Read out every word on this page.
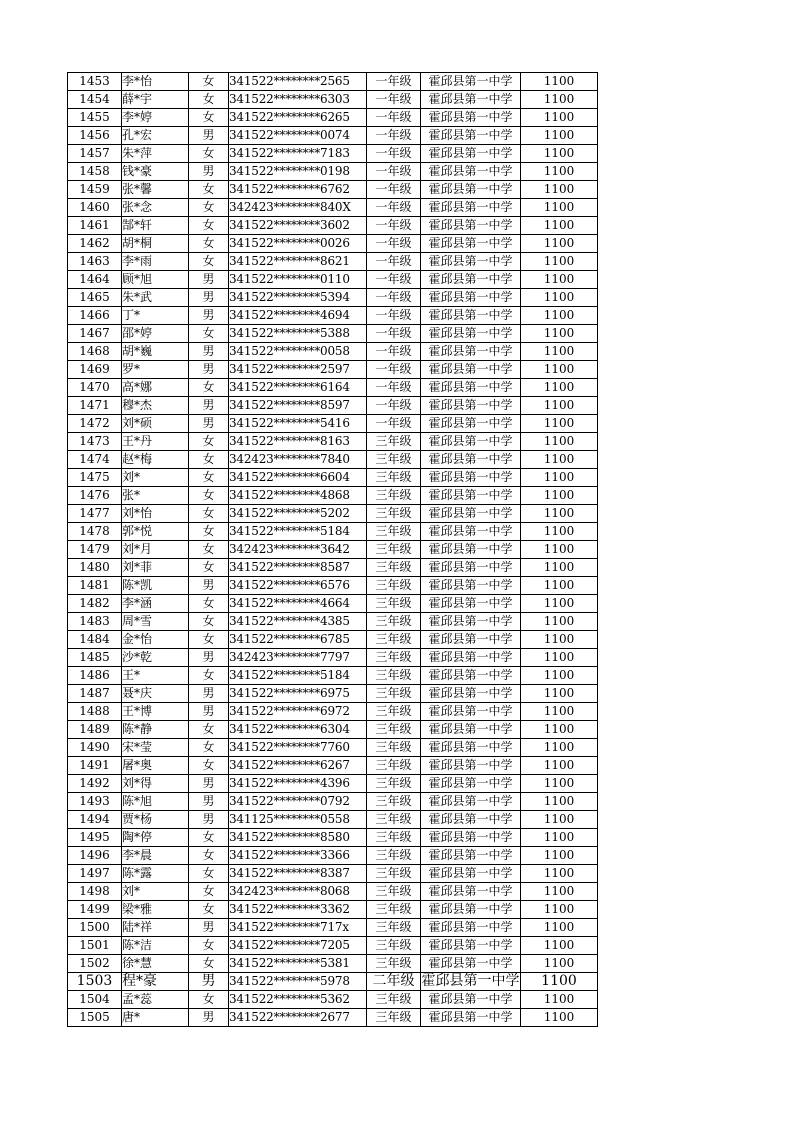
1453	李*怡	女	341522********2565	一年级	霍邱县第一中学	1100
1454	薛*宇	女	341522********6303	一年级	霍邱县第一中学	1100
1455	李*婷	女	341522********6265	一年级	霍邱县第一中学	1100
1456	孔*宏	男	341522********0074	一年级	霍邱县第一中学	1100
1457	朱*萍	女	341522********7183	一年级	霍邱县第一中学	1100
1458	钱*豪	男	341522********0198	一年级	霍邱县第一中学	1100
1459	张*馨	女	341522********6762	一年级	霍邱县第一中学	1100
1460	张*念	女	342423********840X	一年级	霍邱县第一中学	1100
1461	郜*轩	女	341522********3602	一年级	霍邱县第一中学	1100
1462	胡*桐	女	341522********0026	一年级	霍邱县第一中学	1100
1463	李*雨	女	341522********8621	一年级	霍邱县第一中学	1100
1464	顾*旭	男	341522********0110	一年级	霍邱县第一中学	1100
1465	朱*武	男	341522********5394	一年级	霍邱县第一中学	1100
1466	丁*	男	341522********4694	一年级	霍邱县第一中学	1100
1467	邵*婷	女	341522********5388	一年级	霍邱县第一中学	1100
1468	胡*巍	男	341522********0058	一年级	霍邱县第一中学	1100
1469	罗*	男	341522********2597	一年级	霍邱县第一中学	1100
1470	高*娜	女	341522********6164	一年级	霍邱县第一中学	1100
1471	穆*杰	男	341522********8597	一年级	霍邱县第一中学	1100
1472	刘*硕	男	341522********5416	一年级	霍邱县第一中学	1100
1473	王*丹	女	341522********8163	三年级	霍邱县第一中学	1100
1474	赵*梅	女	342423********7840	三年级	霍邱县第一中学	1100
1475	刘*	女	341522********6604	三年级	霍邱县第一中学	1100
1476	张*	女	341522********4868	三年级	霍邱县第一中学	1100
1477	刘*怡	女	341522********5202	三年级	霍邱县第一中学	1100
1478	郭*悦	女	341522********5184	三年级	霍邱县第一中学	1100
1479	刘*月	女	342423********3642	三年级	霍邱县第一中学	1100
1480	刘*菲	女	341522********8587	三年级	霍邱县第一中学	1100
1481	陈*凯	男	341522********6576	三年级	霍邱县第一中学	1100
1482	李*涵	女	341522********4664	三年级	霍邱县第一中学	1100
1483	周*雪	女	341522********4385	三年级	霍邱县第一中学	1100
1484	金*怡	女	341522********6785	三年级	霍邱县第一中学	1100
1485	沙*乾	男	342423********7797	三年级	霍邱县第一中学	1100
1486	王*	女	341522********5184	三年级	霍邱县第一中学	1100
1487	聂*庆	男	341522********6975	三年级	霍邱县第一中学	1100
1488	王*博	男	341522********6972	三年级	霍邱县第一中学	1100
1489	陈*静	女	341522********6304	三年级	霍邱县第一中学	1100
1490	宋*莹	女	341522********7760	三年级	霍邱县第一中学	1100
1491	屠*奥	女	341522********6267	三年级	霍邱县第一中学	1100
1492	刘*得	男	341522********4396	三年级	霍邱县第一中学	1100
1493	陈*旭	男	341522********0792	三年级	霍邱县第一中学	1100
1494	贾*杨	男	341125********0558	三年级	霍邱县第一中学	1100
1495	陶*停	女	341522********8580	三年级	霍邱县第一中学	1100
1496	李*晨	女	341522********3366	三年级	霍邱县第一中学	1100
1497	陈*露	女	341522********8387	三年级	霍邱县第一中学	1100
1498	刘*	女	342423********8068	三年级	霍邱县第一中学	1100
1499	梁*雅	女	341522********3362	三年级	霍邱县第一中学	1100
1500	陆*祥	男	341522********717x	三年级	霍邱县第一中学	1100
1501	陈*洁	女	341522********7205	三年级	霍邱县第一中学	1100
1502	徐*慧	女	341522********5381	三年级	霍邱县第一中学	1100
1503	程*豪	男	341522********5978	二年级	霍邱县第一中学	1100
1504	孟*蕊	女	341522********5362	三年级	霍邱县第一中学	1100
1505	唐*	男	341522********2677	三年级	霍邱县第一中学	1100
